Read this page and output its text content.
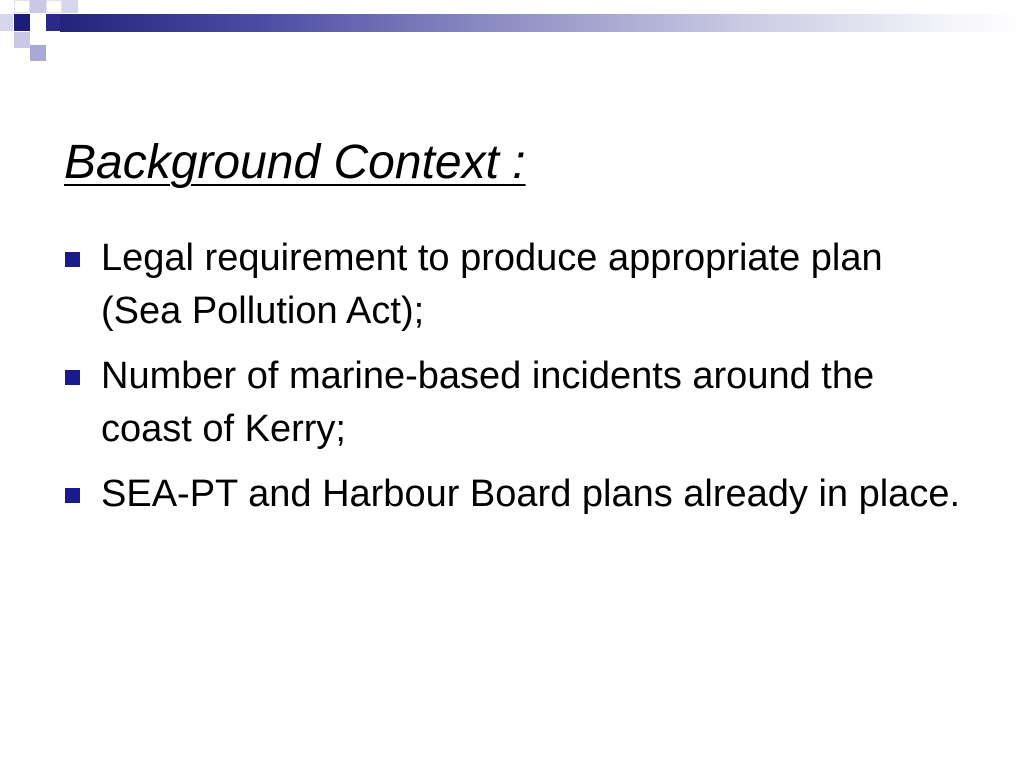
Background Context :
Legal requirement to produce appropriate plan (Sea Pollution Act);
Number of marine-based incidents around the coast of Kerry;
SEA-PT and Harbour Board plans already in place.
